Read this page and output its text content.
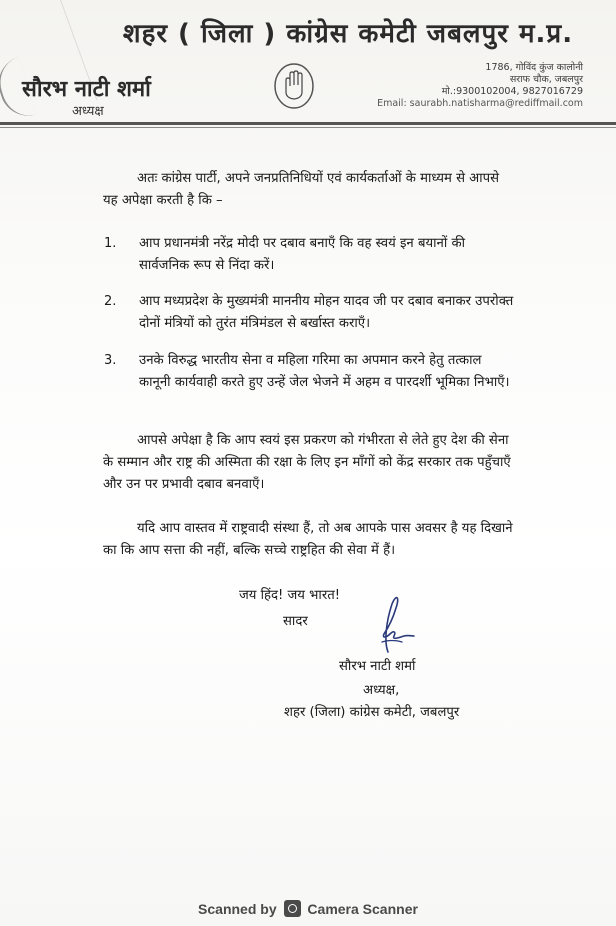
शहर ( जिला ) कांग्रेस कमेटी जबलपुर म.प्र.
सौरभ नाटी शर्मा
अध्यक्ष
1786, गोविंद कुंज कालोनी
सराफ चौक, जबलपुर
मो.:9300102004, 9827016729
Email: saurabh.natisharma@rediffmail.com
अतः कांग्रेस पार्टी, अपने जनप्रतिनिधियों एवं कार्यकर्ताओं के माध्यम से आपसे यह अपेक्षा करती है कि –
1. आप प्रधानमंत्री नरेंद्र मोदी पर दबाव बनाएँ कि वह स्वयं इन बयानों की सार्वजनिक रूप से निंदा करें।
2. आप मध्यप्रदेश के मुख्यमंत्री माननीय मोहन यादव जी पर दबाव बनाकर उपरोक्त दोनों मंत्रियों को तुरंत मंत्रिमंडल से बर्खास्त कराएँ।
3. उनके विरुद्ध भारतीय सेना व महिला गरिमा का अपमान करने हेतु तत्काल कानूनी कार्यवाही करते हुए उन्हें जेल भेजने में अहम व पारदर्शी भूमिका निभाएँ।
आपसे अपेक्षा है कि आप स्वयं इस प्रकरण को गंभीरता से लेते हुए देश की सेना के सम्मान और राष्ट्र की अस्मिता की रक्षा के लिए इन माँगों को केंद्र सरकार तक पहुँचाएँ और उन पर प्रभावी दबाव बनवाएँ।
यदि आप वास्तव में राष्ट्रवादी संस्था हैं, तो अब आपके पास अवसर है यह दिखाने का कि आप सत्ता की नहीं, बल्कि सच्चे राष्ट्रहित की सेवा में हैं।
जय हिंद! जय भारत!
सादर
सौरभ नाटी शर्मा
अध्यक्ष,
शहर (जिला) कांग्रेस कमेटी, जबलपुर
Scanned by Camera Scanner
